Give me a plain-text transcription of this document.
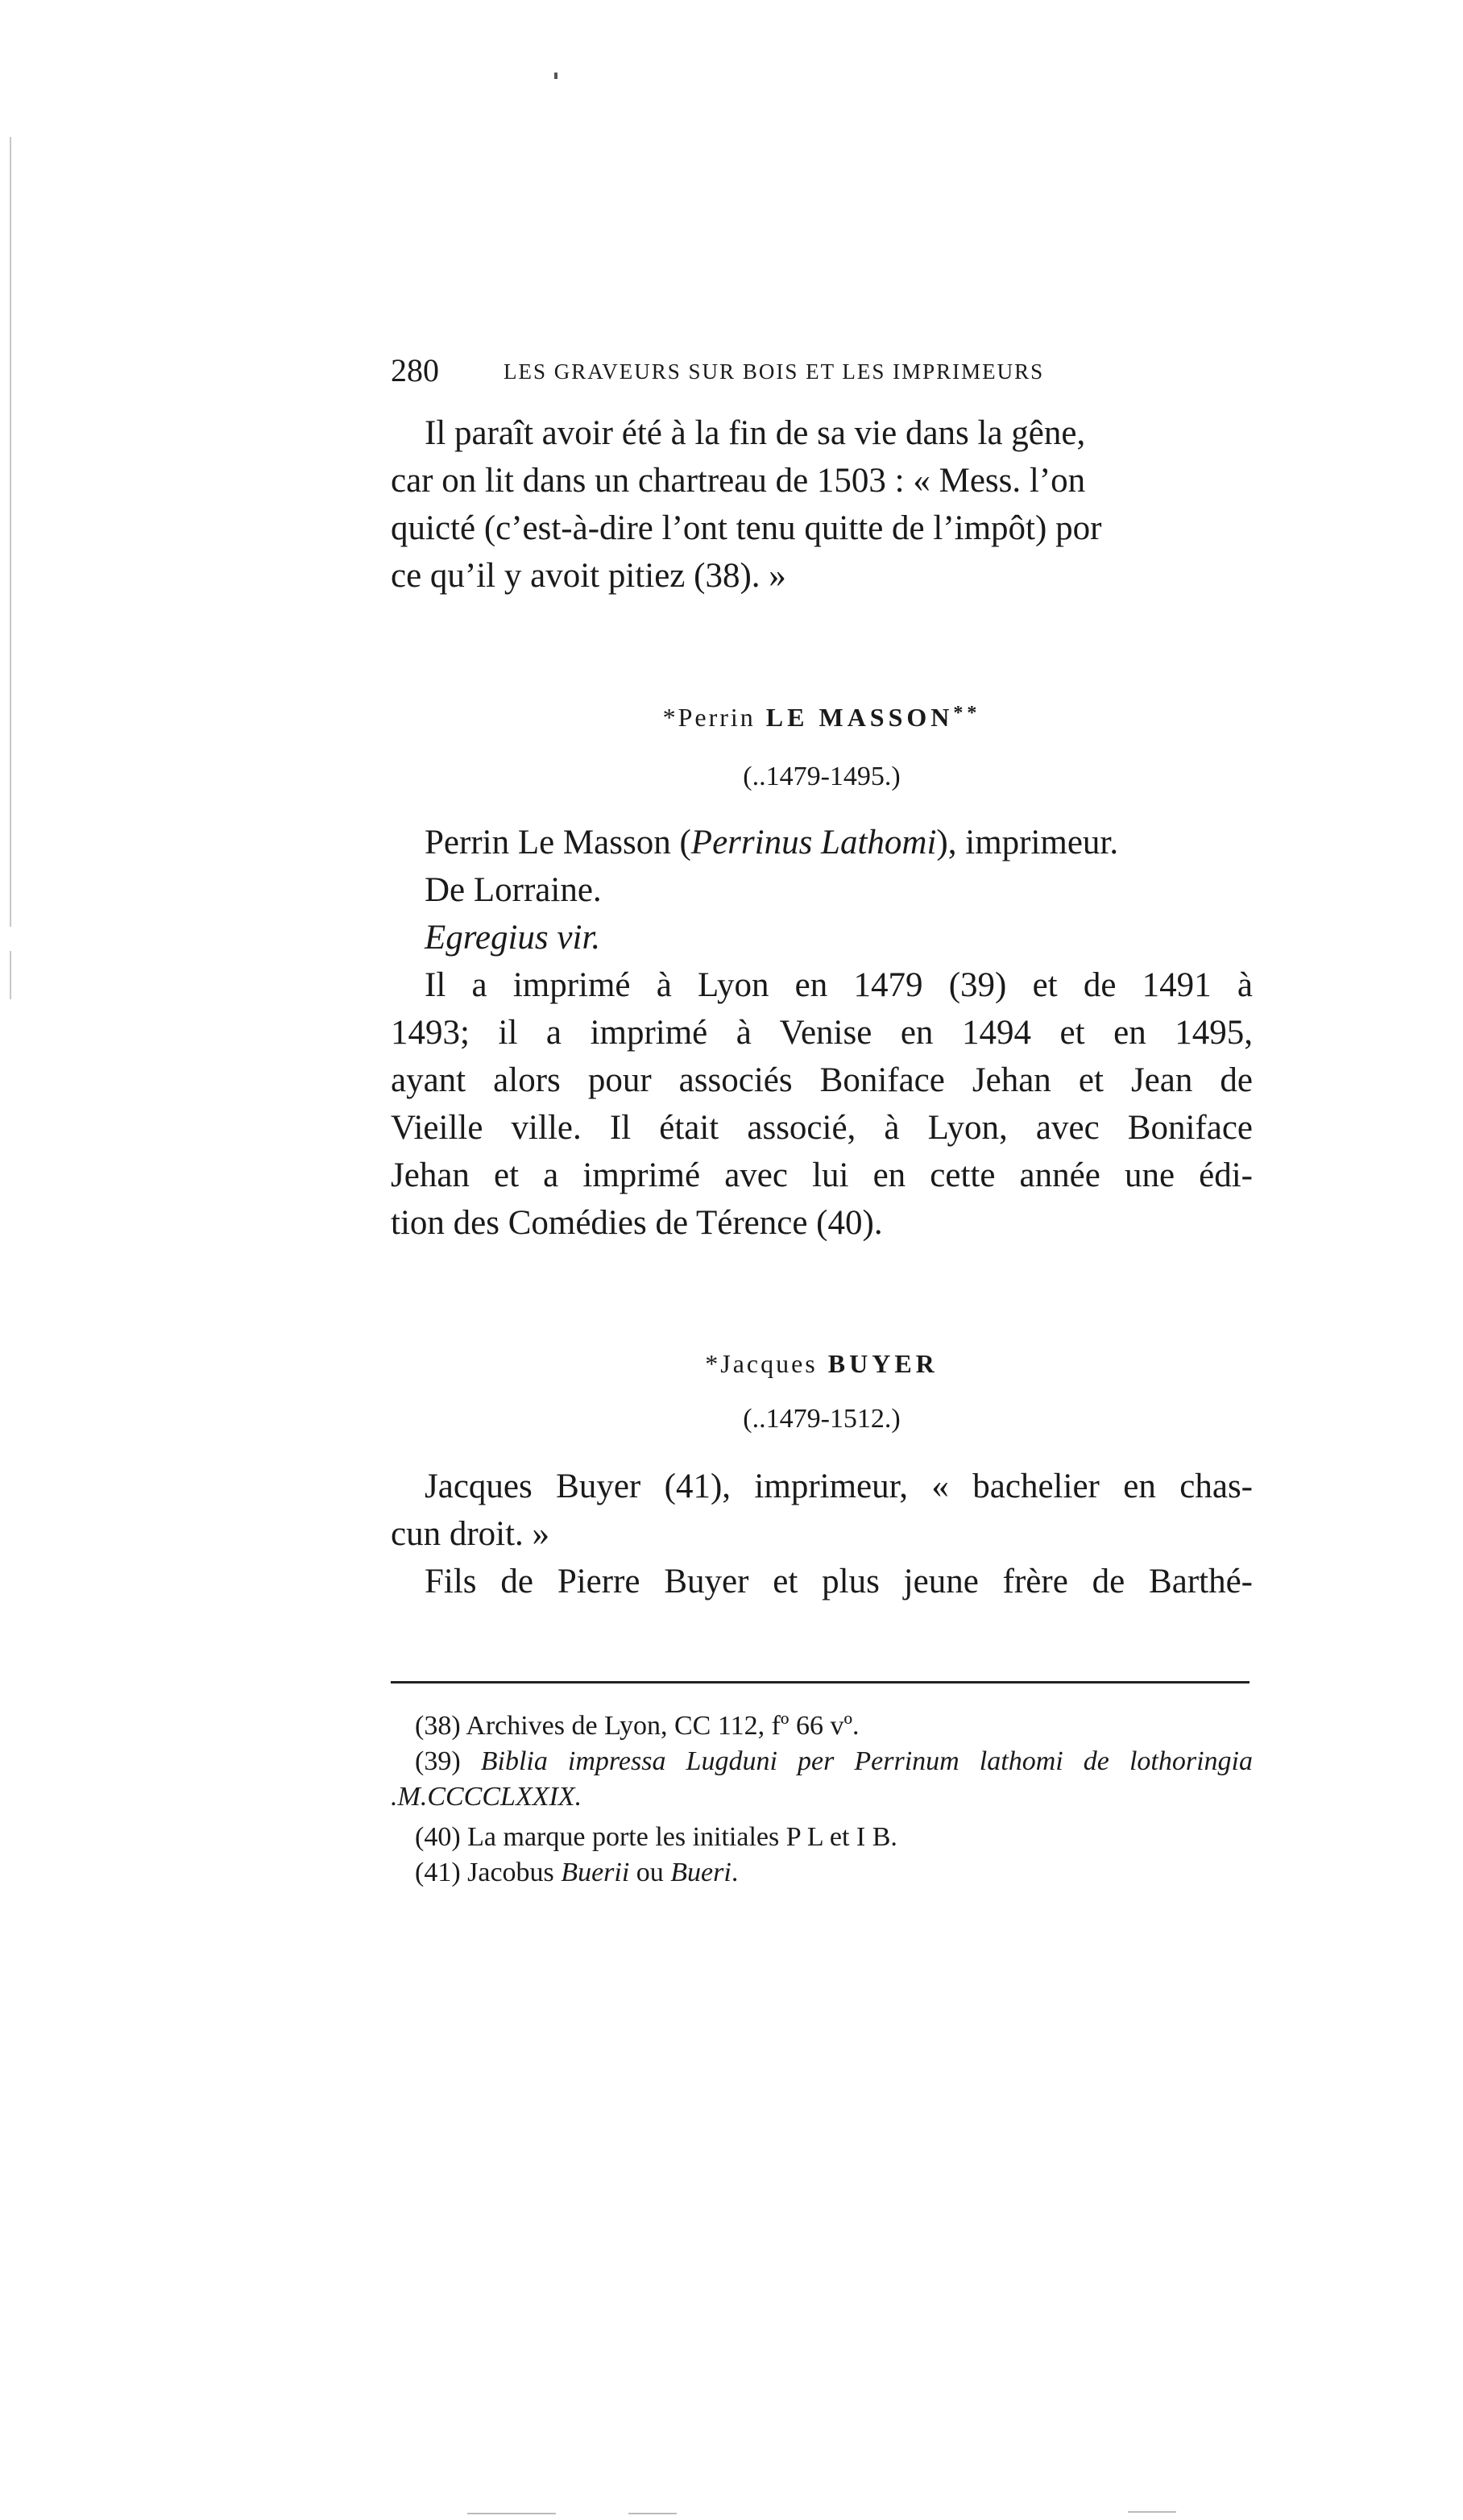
280	LES GRAVEURS SUR BOIS ET LES IMPRIMEURS

Il paraît avoir été à la fin de sa vie dans la gêne,

car on lit dans un chartreau de 1503 : « Mess. l’on

quicté (c’est-à-dire l’ont tenu quitte de l’impôt) por

ce qu’il y avoit pitiez (38). »

*Perrin LE MASSON**
(..1479-1495.)

Perrin Le Masson (Perrinus Lathomi), imprimeur.

De Lorraine.

Egregius vir.

Il a imprimé à Lyon en 1479 (39) et de 1491 à

1493; il a imprimé à Venise en 1494 et en 1495,

ayant alors pour associés Boniface Jehan et Jean de

Vieille ville. Il était associé, à Lyon, avec Boniface

Jehan et a imprimé avec lui en cette année une édi-

tion des Comédies de Térence (40).

*Jacques BUYER
(..1479-1512.)

Jacques Buyer (41), imprimeur, « bachelier en chas-

cun droit. »

Fils de Pierre Buyer et plus jeune frère de Barthé-

(38) Archives de Lyon, CC 112, fº 66 vº.

(39) Biblia impressa Lugduni per Perrinum lathomi de lothoringia

.M.CCCCLXXIX.

(40) La marque porte les initiales P L et I B.

(41) Jacobus Buerii ou Bueri.
